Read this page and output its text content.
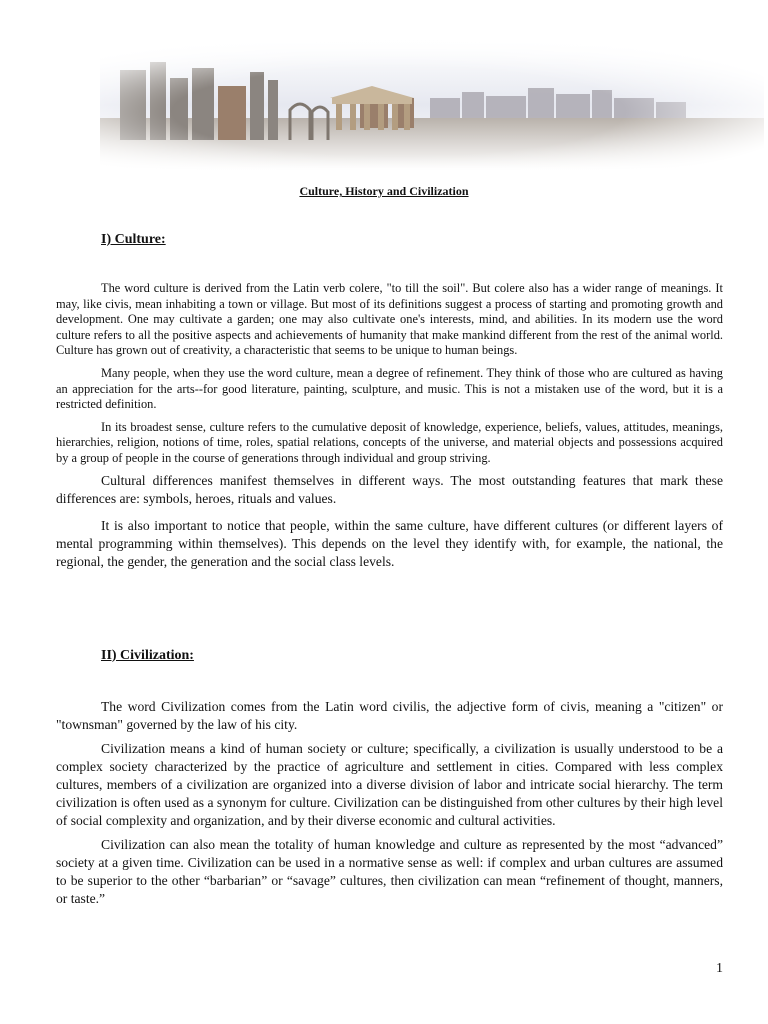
Culture, History and Civilization
I) Culture:

The word culture is derived from the Latin verb colere, "to till the soil". But colere also has a wider range of meanings. It may, like civis, mean inhabiting a town or village. But most of its definitions suggest a process of starting and promoting growth and development. One may cultivate a garden; one may also cultivate one's interests, mind, and abilities. In its modern use the word culture refers to all the positive aspects and achievements of humanity that make mankind different from the rest of the animal world. Culture has grown out of creativity, a characteristic that seems to be unique to human beings.

Many people, when they use the word culture, mean a degree of refinement. They think of those who are cultured as having an appreciation for the arts--for good literature, painting, sculpture, and music. This is not a mistaken use of the word, but it is a restricted definition.

In its broadest sense, culture refers to the cumulative deposit of knowledge, experience, beliefs, values, attitudes, meanings, hierarchies, religion, notions of time, roles, spatial relations, concepts of the universe, and material objects and possessions acquired by a group of people in the course of generations through individual and group striving.

Cultural differences manifest themselves in different ways. The most outstanding features that mark these differences are: symbols, heroes, rituals and values.

It is also important to notice that people, within the same culture, have different cultures (or different layers of mental programming within themselves). This depends on the level they identify with, for example, the national, the regional, the gender, the generation and the social class levels.

II) Civilization:

The word Civilization comes from the Latin word civilis, the adjective form of civis, meaning a "citizen" or "townsman" governed by the law of his city.

Civilization means a kind of human society or culture; specifically, a civilization is usually understood to be a complex society characterized by the practice of agriculture and settlement in cities. Compared with less complex cultures, members of a civilization are organized into a diverse division of labor and intricate social hierarchy. The term civilization is often used as a synonym for culture. Civilization can be distinguished from other cultures by their high level of social complexity and organization, and by their diverse economic and cultural activities.

Civilization can also mean the totality of human knowledge and culture as represented by the most “advanced” society at a given time. Civilization can be used in a normative sense as well: if complex and urban cultures are assumed to be superior to the other “barbarian” or “savage” cultures, then civilization can mean “refinement of thought, manners, or taste.”

1
